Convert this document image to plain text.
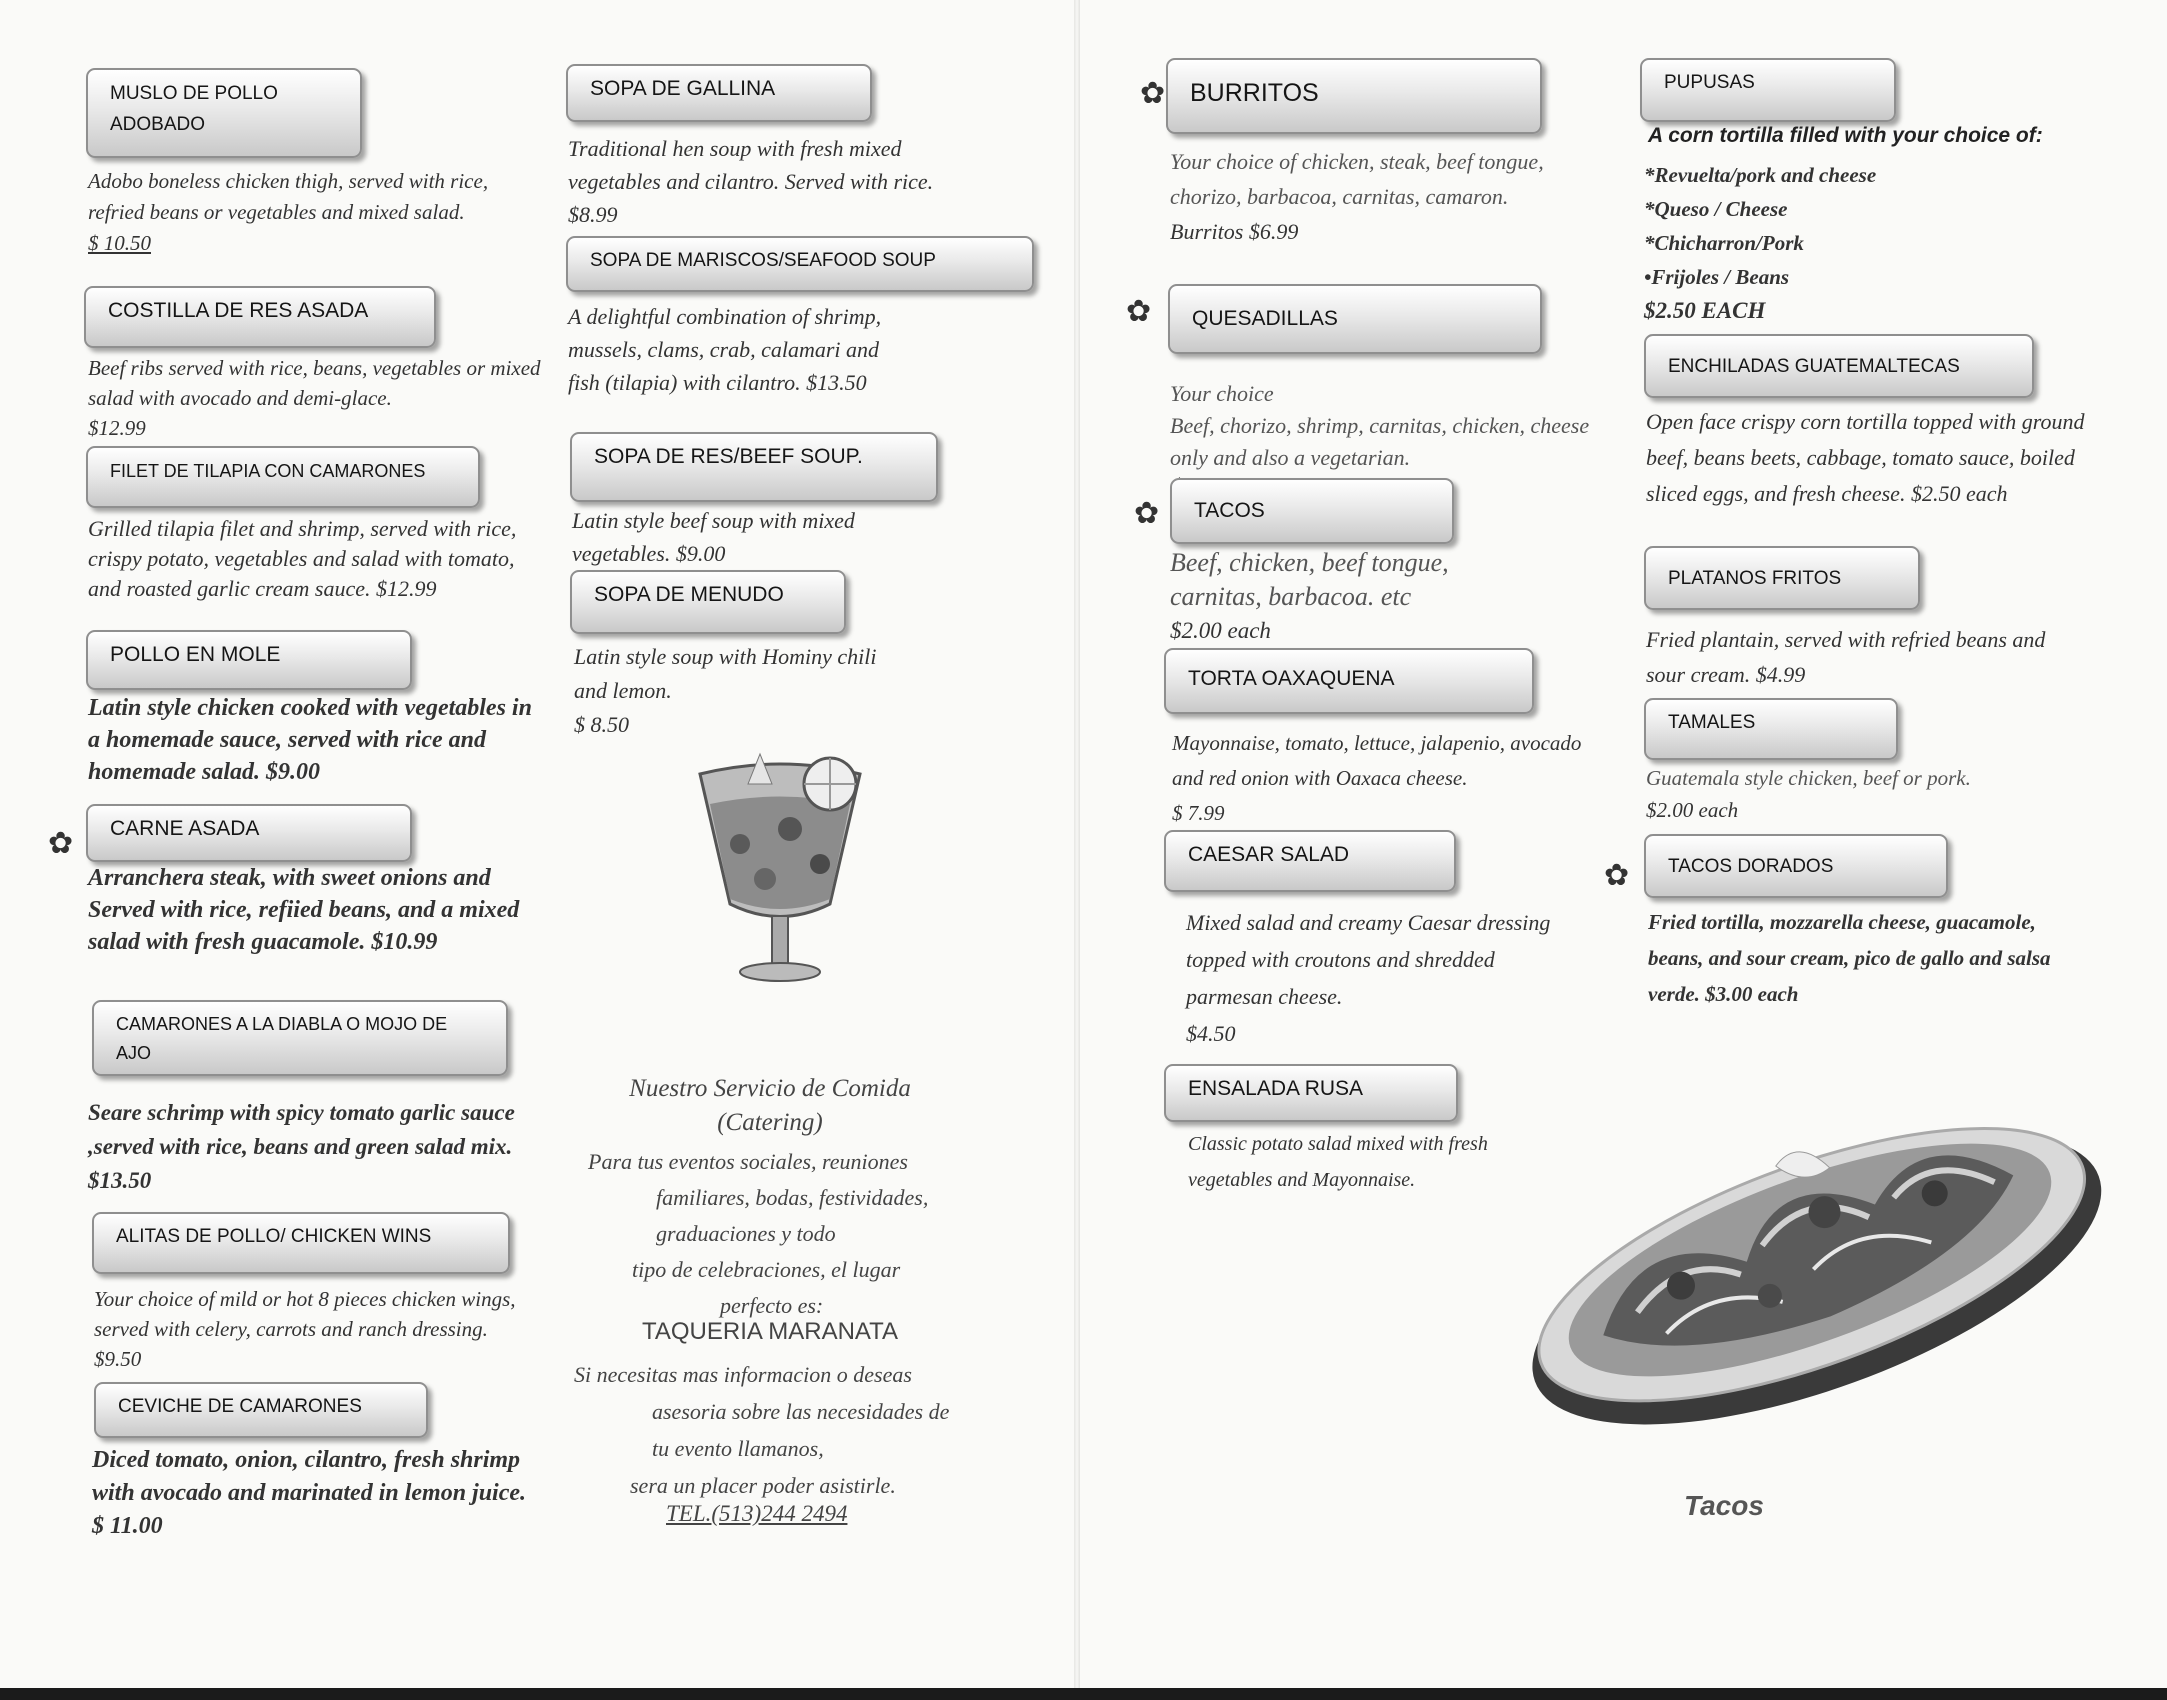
MUSLO DE POLLO
ADOBADO
Adobo boneless chicken thigh, served with rice, refried beans or vegetables and mixed salad.
$ 10.50
COSTILLA DE RES ASADA
Beef ribs served with rice, beans, vegetables or mixed salad with avocado and demi-glace.
$12.99
FILET DE TILAPIA CON CAMARONES
Grilled tilapia filet and shrimp, served with rice, crispy potato, vegetables and salad with tomato, and roasted garlic cream sauce. $12.99
POLLO EN MOLE
Latin style chicken cooked with vegetables in a homemade sauce, served with rice and homemade salad. $9.00
✿	CARNE ASADA
Arranchera steak, with sweet onions and Served with rice, refiied beans, and a mixed salad with fresh guacamole. $10.99
CAMARONES A LA DIABLA O MOJO DE
AJO
Seare schrimp with spicy tomato garlic sauce ,served with rice, beans and green salad mix. $13.50
ALITAS DE POLLO/ CHICKEN WINS
Your choice of mild or hot 8 pieces chicken wings, served with celery, carrots and ranch dressing. $9.50
CEVICHE DE CAMARONES
Diced tomato, onion, cilantro, fresh shrimp with avocado and marinated in lemon juice.
$ 11.00
SOPA DE GALLINA
Traditional hen soup with fresh mixed vegetables and cilantro. Served with rice. $8.99
SOPA DE MARISCOS/SEAFOOD SOUP
A delightful combination of shrimp, mussels, clams, crab, calamari and fish (tilapia) with cilantro. $13.50
SOPA DE RES/BEEF SOUP.
Latin style beef soup with mixed vegetables. $9.00
SOPA DE MENUDO
Latin style soup with Hominy chili and lemon.
$ 8.50
Nuestro Servicio de Comida
(Catering)
Para tus eventos sociales, reuniones
familiares, bodas, festividades,
graduaciones y todo
tipo de celebraciones, el lugar
perfecto es:
TAQUERIA MARANATA
Si necesitas mas informacion o deseas
asesoria sobre las necesidades de
tu evento llamanos,
sera un placer poder asistirle.
TEL.(513)244 2494
✿ BURRITOS
Your choice of chicken, steak, beef tongue, chorizo, barbacoa, carnitas, camaron.
Burritos $6.99
✿	QUESADILLAS

Your choice
Beef, chorizo, shrimp, carnitas, chicken, cheese only and also a vegetarian.

✿	TACOS
Beef, chicken, beef tongue, carnitas, barbacoa. etc
$2.00 each
TORTA OAXAQUENA
Mayonnaise, tomato, lettuce, jalapenio, avocado and red onion with Oaxaca cheese.
$ 7.99
CAESAR SALAD
Mixed salad and creamy Caesar dressing topped with croutons and shredded parmesan cheese.
$4.50
ENSALADA RUSA
Classic potato salad mixed with fresh vegetables and Mayonnaise.
PUPUSAS
A corn tortilla filled with your choice of:
*Revuelta/pork and cheese
*Queso / Cheese
*Chicharron/Pork
•Frijoles / Beans
$2.50 EACH
ENCHILADAS GUATEMALTECAS
Open face crispy corn tortilla topped with ground beef, beans beets, cabbage, tomato sauce, boiled sliced eggs, and fresh cheese. $2.50 each
PLATANOS FRITOS
Fried plantain, served with refried beans and sour cream. $4.99
TAMALES
Guatemala style chicken, beef or pork.
$2.00 each
✿	TACOS DORADOS
Fried tortilla, mozzarella cheese, guacamole, beans, and sour cream, pico de gallo and salsa verde. $3.00 each
Tacos
